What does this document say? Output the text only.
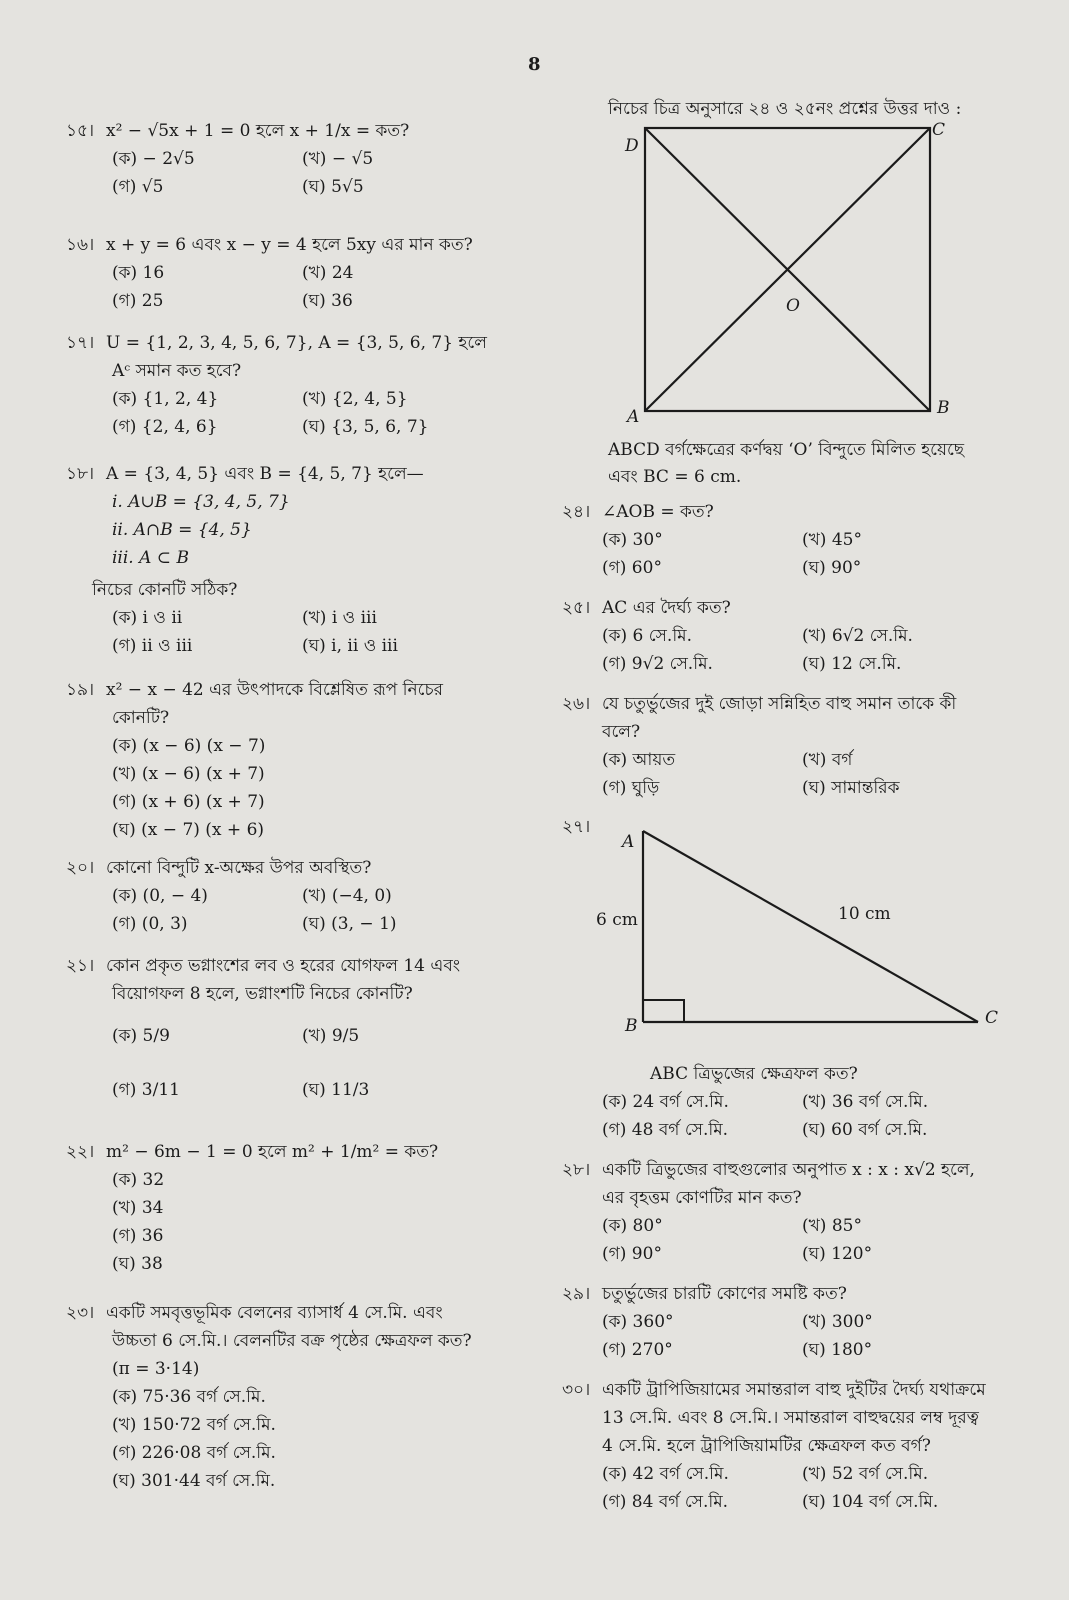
8
১৫। x² − √5x + 1 = 0 হলে x + 1/x = কত?
(ক) − 2√5	(খ) − √5
(গ) √5	(ঘ) 5√5
১৬। x + y = 6 এবং x − y = 4 হলে 5xy এর মান কত?
(ক) 16	(খ) 24
(গ) 25	(ঘ) 36
১৭। U = {1, 2, 3, 4, 5, 6, 7}, A = {3, 5, 6, 7} হলে
Aᶜ সমান কত হবে?
(ক) {1, 2, 4}	(খ) {2, 4, 5}
(গ) {2, 4, 6}	(ঘ) {3, 5, 6, 7}
১৮। A = {3, 4, 5} এবং B = {4, 5, 7} হলে—
i. A∪B = {3, 4, 5, 7}
ii. A∩B = {4, 5}
iii. A ⊂ B
নিচের কোনটি সঠিক?
(ক) i ও ii	(খ) i ও iii
(গ) ii ও iii	(ঘ) i, ii ও iii
১৯। x² − x − 42 এর উৎপাদকে বিশ্লেষিত রূপ নিচের
কোনটি?
(ক) (x − 6) (x − 7)
(খ) (x − 6) (x + 7)
(গ) (x + 6) (x + 7)
(ঘ) (x − 7) (x + 6)
২০। কোনো বিন্দুটি x-অক্ষের উপর অবস্থিত?
(ক) (0, − 4)	(খ) (−4, 0)
(গ) (0, 3)	(ঘ) (3, − 1)
২১। কোন প্রকৃত ভগ্নাংশের লব ও হরের যোগফল 14 এবং
বিয়োগফল 8 হলে, ভগ্নাংশটি নিচের কোনটি?
(ক) 5/9	(খ) 9/5
(গ) 3/11	(ঘ) 11/3
২২। m² − 6m − 1 = 0 হলে m² + 1/m² = কত?
(ক) 32
(খ) 34
(গ) 36
(ঘ) 38
২৩। একটি সমবৃত্তভূমিক বেলনের ব্যাসার্ধ 4 সে.মি. এবং
উচ্চতা 6 সে.মি.। বেলনটির বক্র পৃষ্ঠের ক্ষেত্রফল কত?
(π = 3·14)
(ক) 75·36 বর্গ সে.মি.
(খ) 150·72 বর্গ সে.মি.
(গ) 226·08 বর্গ সে.মি.
(ঘ) 301·44 বর্গ সে.মি.
নিচের চিত্র অনুসারে ২৪ ও ২৫নং প্রশ্নের উত্তর দাও :
D
C
O
A	B
ABCD বর্গক্ষেত্রের কর্ণদ্বয় ‘O’ বিন্দুতে মিলিত হয়েছে
এবং BC = 6 cm.
২৪। ∠AOB = কত?
(ক) 30°	(খ) 45°
(গ) 60°	(ঘ) 90°
২৫। AC এর দৈর্ঘ্য কত?
(ক) 6 সে.মি.	(খ) 6√2 সে.মি.
(গ) 9√2 সে.মি.	(ঘ) 12 সে.মি.
২৬। যে চতুর্ভুজের দুই জোড়া সন্নিহিত বাহু সমান তাকে কী
বলে?
(ক) আয়ত	(খ) বর্গ
(গ) ঘুড়ি	(ঘ) সামান্তরিক
২৭।
A
B	C
6 cm	10 cm
ABC ত্রিভুজের ক্ষেত্রফল কত?
(ক) 24 বর্গ সে.মি.	(খ) 36 বর্গ সে.মি.
(গ) 48 বর্গ সে.মি.	(ঘ) 60 বর্গ সে.মি.
২৮। একটি ত্রিভুজের বাহুগুলোর অনুপাত x : x : x√2 হলে,
এর বৃহত্তম কোণটির মান কত?
(ক) 80°	(খ) 85°
(গ) 90°	(ঘ) 120°
২৯। চতুর্ভুজের চারটি কোণের সমষ্টি কত?
(ক) 360°	(খ) 300°
(গ) 270°	(ঘ) 180°
৩০। একটি ট্রাপিজিয়ামের সমান্তরাল বাহু দুইটির দৈর্ঘ্য যথাক্রমে
13 সে.মি. এবং 8 সে.মি.। সমান্তরাল বাহুদ্বয়ের লম্ব দূরত্ব
4 সে.মি. হলে ট্রাপিজিয়ামটির ক্ষেত্রফল কত বর্গ?
(ক) 42 বর্গ সে.মি.	(খ) 52 বর্গ সে.মি.
(গ) 84 বর্গ সে.মি.	(ঘ) 104 বর্গ সে.মি.
